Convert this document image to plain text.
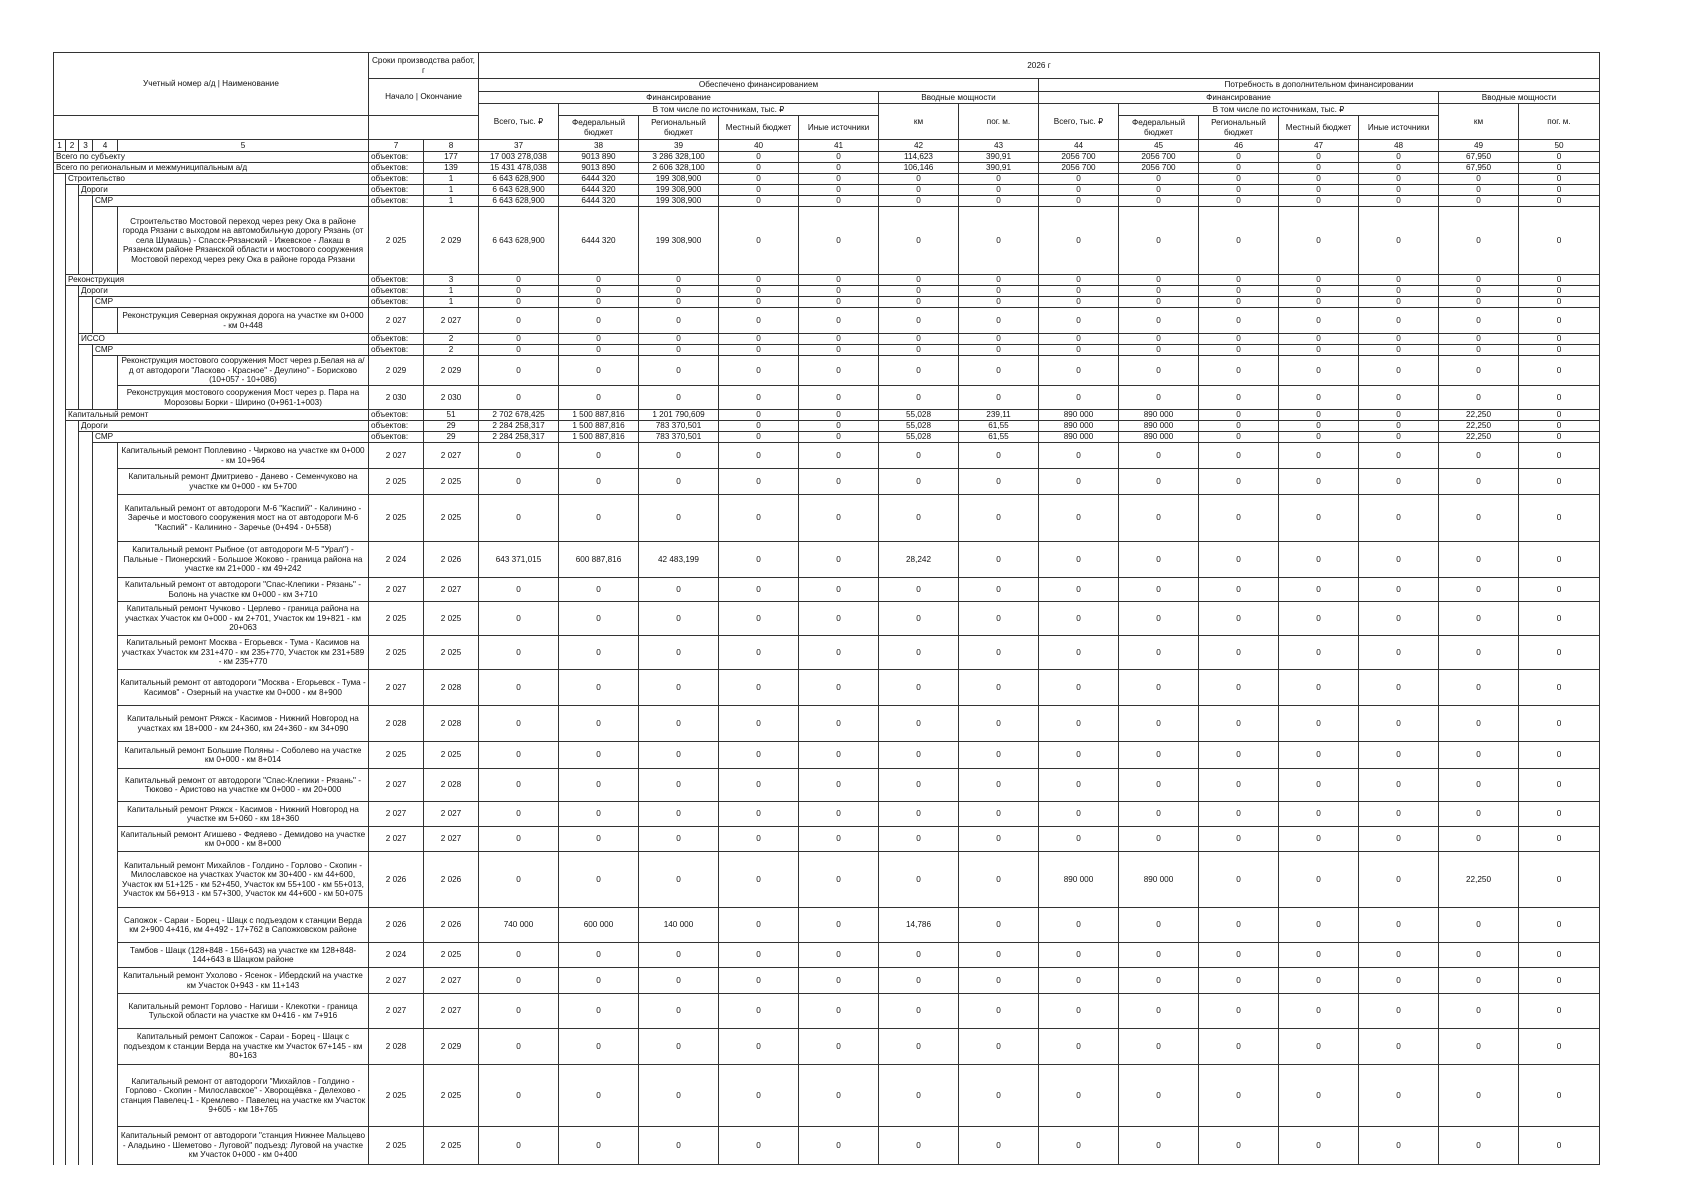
Учетный номер а/д | Наименование					Сроки производства работ, г		2026 г													
					Начало | Окончание		Обеспечено финансированием							Потребность в дополнительном финансировании						
							Финансирование					Вводные мощности		Финансирование					Вводные мощности	
							Всего, тыс. ₽	В том числе по источникам, тыс. ₽				км	пог. м.	Всего, тыс. ₽	В том числе по источникам, тыс. ₽				км	пог. м.
								Федеральный бюджет	Региональный бюджет	Местный бюджет	Иные источники				Федеральный бюджет	Региональный бюджет	Местный бюджет	Иные источники		
1	2	3	4	5	7	8	37	38	39	40	41	42	43	44	45	46	47	48	49	50
Всего по субъекту					объектов:	177	17 003 278,038	9013 890	3 286 328,100	0	0	114,623	390,91	2056 700	2056 700	0	0	0	67,950	0
Всего по региональным и межмуниципальным а/д					объектов:	139	15 431 478,038	9013 890	2 606 328,100	0	0	106,146	390,91	2056 700	2056 700	0	0	0	67,950	0
	Строительство				объектов:	1	6 643 628,900	6444 320	199 308,900	0	0	0	0	0	0	0	0	0	0	0
		Дороги			объектов:	1	6 643 628,900	6444 320	199 308,900	0	0	0	0	0	0	0	0	0	0	0
			СМР		объектов:	1	6 643 628,900	6444 320	199 308,900	0	0	0	0	0	0	0	0	0	0	0
				Строительство Мостовой переход через реку Ока в районе города Рязани с выходом на автомобильную дорогу Рязань (от села Шумашь) - Спасск-Рязанский - Ижевское - Лакаш в Рязанском районе Рязанской области и мостового сооружения Мостовой переход через реку Ока в районе города Рязани	2 025	2 029	6 643 628,900	6444 320	199 308,900	0	0	0	0	0	0	0	0	0	0	0
	Реконструкция				объектов:	3	0	0	0	0	0	0	0	0	0	0	0	0	0	0
		Дороги			объектов:	1	0	0	0	0	0	0	0	0	0	0	0	0	0	0
			СМР		объектов:	1	0	0	0	0	0	0	0	0	0	0	0	0	0	0
				Реконструкция Северная окружная дорога на участке км 0+000 - км 0+448	2 027	2 027	0	0	0	0	0	0	0	0	0	0	0	0	0	0
		ИССО			объектов:	2	0	0	0	0	0	0	0	0	0	0	0	0	0	0
			СМР		объектов:	2	0	0	0	0	0	0	0	0	0	0	0	0	0	0
				Реконструкция мостового сооружения Мост через р.Белая на а/д от автодороги "Ласково - Красное" - Деулино" - Борисково (10+057 - 10+086)	2 029	2 029	0	0	0	0	0	0	0	0	0	0	0	0	0	0
				Реконструкция мостового сооружения Мост через р. Пара на Морозовы Борки - Ширино (0+961-1+003)	2 030	2 030	0	0	0	0	0	0	0	0	0	0	0	0	0	0
	Капитальный ремонт				объектов:	51	2 702 678,425	1 500 887,816	1 201 790,609	0	0	55,028	239,11	890 000	890 000	0	0	0	22,250	0
		Дороги			объектов:	29	2 284 258,317	1 500 887,816	783 370,501	0	0	55,028	61,55	890 000	890 000	0	0	0	22,250	0
			СМР		объектов:	29	2 284 258,317	1 500 887,816	783 370,501	0	0	55,028	61,55	890 000	890 000	0	0	0	22,250	0
				Капитальный ремонт Поплевино - Чирково на участке км 0+000 - км 10+964	2 027	2 027	0	0	0	0	0	0	0	0	0	0	0	0	0	0
				Капитальный ремонт Дмитриево - Данево - Семенчуково на участке км 0+000 - км 5+700	2 025	2 025	0	0	0	0	0	0	0	0	0	0	0	0	0	0
				Капитальный ремонт от автодороги М-6 "Каспий" - Калинино - Заречье и мостового сооружения мост на от автодороги М-6 "Каспий" - Калинино - Заречье (0+494 - 0+558)	2 025	2 025	0	0	0	0	0	0	0	0	0	0	0	0	0	0
				Капитальный ремонт Рыбное (от автодороги М-5 "Урал") - Пальные - Пионерский - Большое Жоково - граница района на участке км 21+000 - км 49+242	2 024	2 026	643 371,015	600 887,816	42 483,199	0	0	28,242	0	0	0	0	0	0	0	0
				Капитальный ремонт от автодороги "Спас-Клепики - Рязань" - Болонь на участке км 0+000 - км 3+710	2 027	2 027	0	0	0	0	0	0	0	0	0	0	0	0	0	0
				Капитальный ремонт Чучково - Церлево - граница района на участках Участок км 0+000 - км 2+701, Участок км 19+821 - км 20+063	2 025	2 025	0	0	0	0	0	0	0	0	0	0	0	0	0	0
				Капитальный ремонт Москва - Егорьевск - Тума - Касимов на участках Участок км 231+470 - км 235+770, Участок км 231+589 - км 235+770	2 025	2 025	0	0	0	0	0	0	0	0	0	0	0	0	0	0
				Капитальный ремонт от автодороги "Москва - Егорьевск - Тума - Касимов" - Озерный на участке км 0+000 - км 8+900	2 027	2 028	0	0	0	0	0	0	0	0	0	0	0	0	0	0
				Капитальный ремонт Ряжск - Касимов - Нижний Новгород на участках км 18+000 - км 24+360, км 24+360 - км 34+090	2 028	2 028	0	0	0	0	0	0	0	0	0	0	0	0	0	0
				Капитальный ремонт Большие Поляны - Соболево на участке км 0+000 - км 8+014	2 025	2 025	0	0	0	0	0	0	0	0	0	0	0	0	0	0
				Капитальный ремонт от автодороги "Спас-Клепики - Рязань" - Тюково - Аристово на участке км 0+000 - км 20+000	2 027	2 028	0	0	0	0	0	0	0	0	0	0	0	0	0	0
				Капитальный ремонт Ряжск - Касимов - Нижний Новгород на участке км 5+060 - км 18+360	2 027	2 027	0	0	0	0	0	0	0	0	0	0	0	0	0	0
				Капитальный ремонт Агишево - Федяево - Демидово на участке км 0+000 - км 8+000	2 027	2 027	0	0	0	0	0	0	0	0	0	0	0	0	0	0
				Капитальный ремонт Михайлов - Голдино - Горлово - Скопин - Милославское на участках Участок км 30+400 - км 44+600, Участок км 51+125 - км 52+450, Участок км 55+100 - км 55+013, Участок км 56+913 - км 57+300, Участок км 44+600 - км 50+075	2 026	2 026	0	0	0	0	0	0	0	890 000	890 000	0	0	0	22,250	0
				Сапожок - Сараи - Борец - Шацк с подъездом к станции Верда км 2+900 4+416, км 4+492 - 17+762 в Сапожковском районе	2 026	2 026	740 000	600 000	140 000	0	0	14,786	0	0	0	0	0	0	0	0
				Тамбов - Шацк (128+848 - 156+643) на участке км 128+848-144+643 в Шацком районе	2 024	2 025	0	0	0	0	0	0	0	0	0	0	0	0	0	0
				Капитальный ремонт Ухолово - Ясенок - Ибердский на участке км Участок 0+943 - км 11+143	2 027	2 027	0	0	0	0	0	0	0	0	0	0	0	0	0	0
				Капитальный ремонт Горлово - Нагиши - Клекотки - граница Тульской области на участке км 0+416 - км 7+916	2 027	2 027	0	0	0	0	0	0	0	0	0	0	0	0	0	0
				Капитальный ремонт Сапожок - Сараи - Борец - Шацк с подъездом к станции Верда на участке км Участок 67+145 - км 80+163	2 028	2 029	0	0	0	0	0	0	0	0	0	0	0	0	0	0
				Капитальный ремонт от автодороги "Михайлов - Голдино - Горлово - Скопин - Милославское" - Хворощёвка - Делехово - станция Павелец-1 - Кремлево - Павелец на участке км Участок 9+605 - км 18+765	2 025	2 025	0	0	0	0	0	0	0	0	0	0	0	0	0	0
				Капитальный ремонт от автодороги "станция Нижнее Мальцево - Аладьино - Шеметово - Луговой" подъезд: Луговой на участке км Участок 0+000 - км 0+400	2 025	2 025	0	0	0	0	0	0	0	0	0	0	0	0	0	0
